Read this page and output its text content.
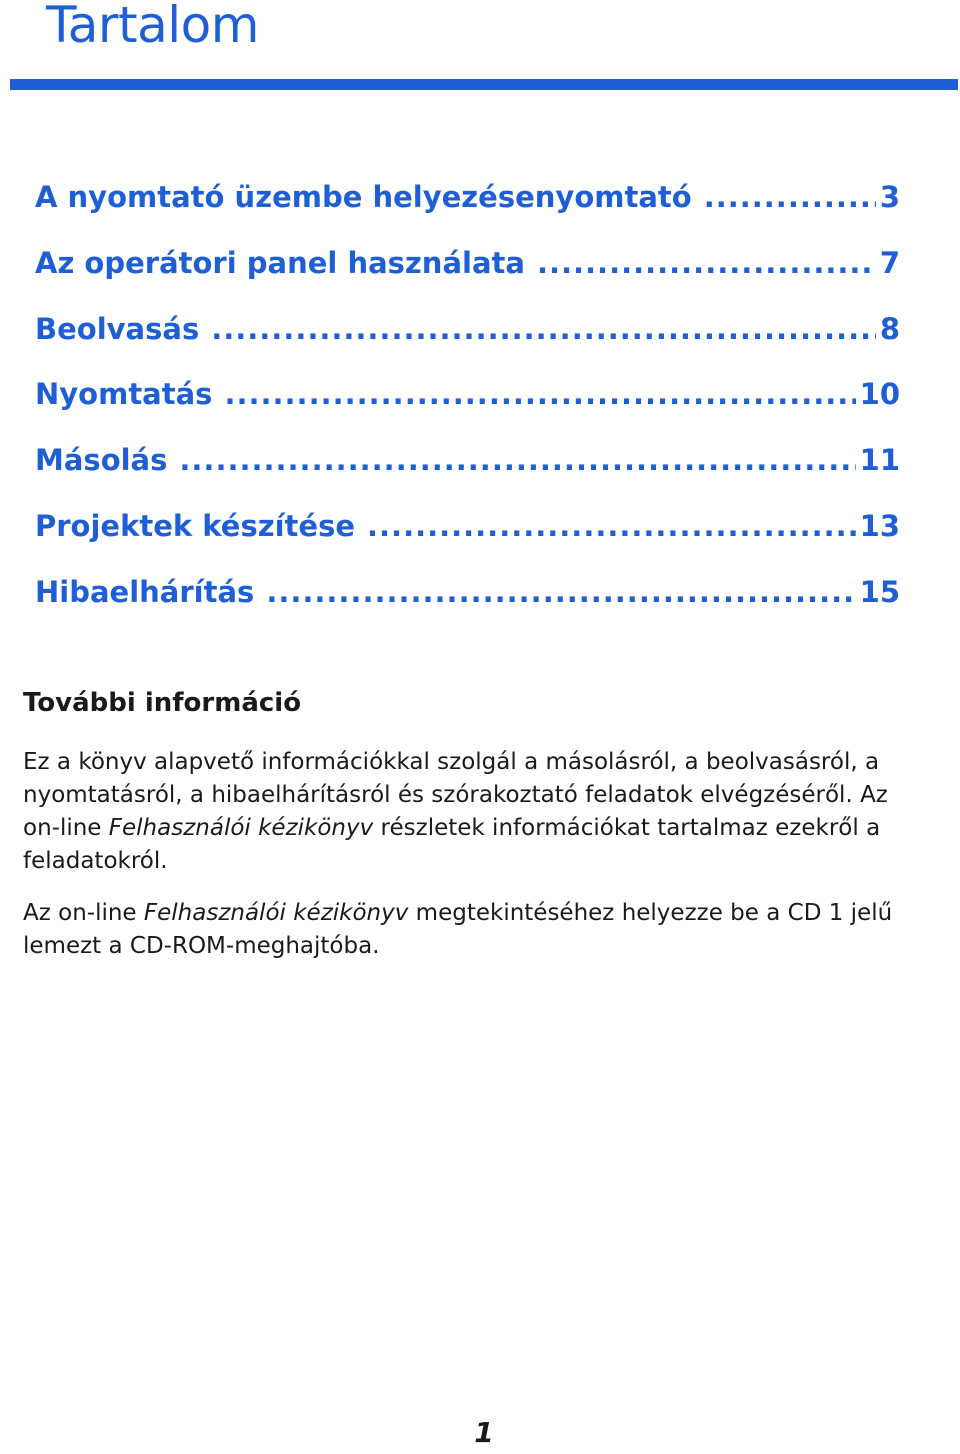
Tartalom
A nyomtató üzembe helyezésenyomtató .....	3
Az operátori panel használata .....	7
Beolvasás .....	8
Nyomtatás .....	10
Másolás .....	11
Projektek készítése .....	13
Hibaelhárítás .....	15
További információ

Ez a könyv alapvető információkkal szolgál a másolásról, a beolvasásról, a nyomtatásról, a hibaelhárításról és szórakoztató feladatok elvégzéséről. Az on-line Felhasználói kézikönyv részletek információkat tartalmaz ezekről a feladatokról.

Az on-line Felhasználói kézikönyv megtekintéséhez helyezze be a CD 1 jelű lemezt a CD-ROM-meghajtóba.

1
